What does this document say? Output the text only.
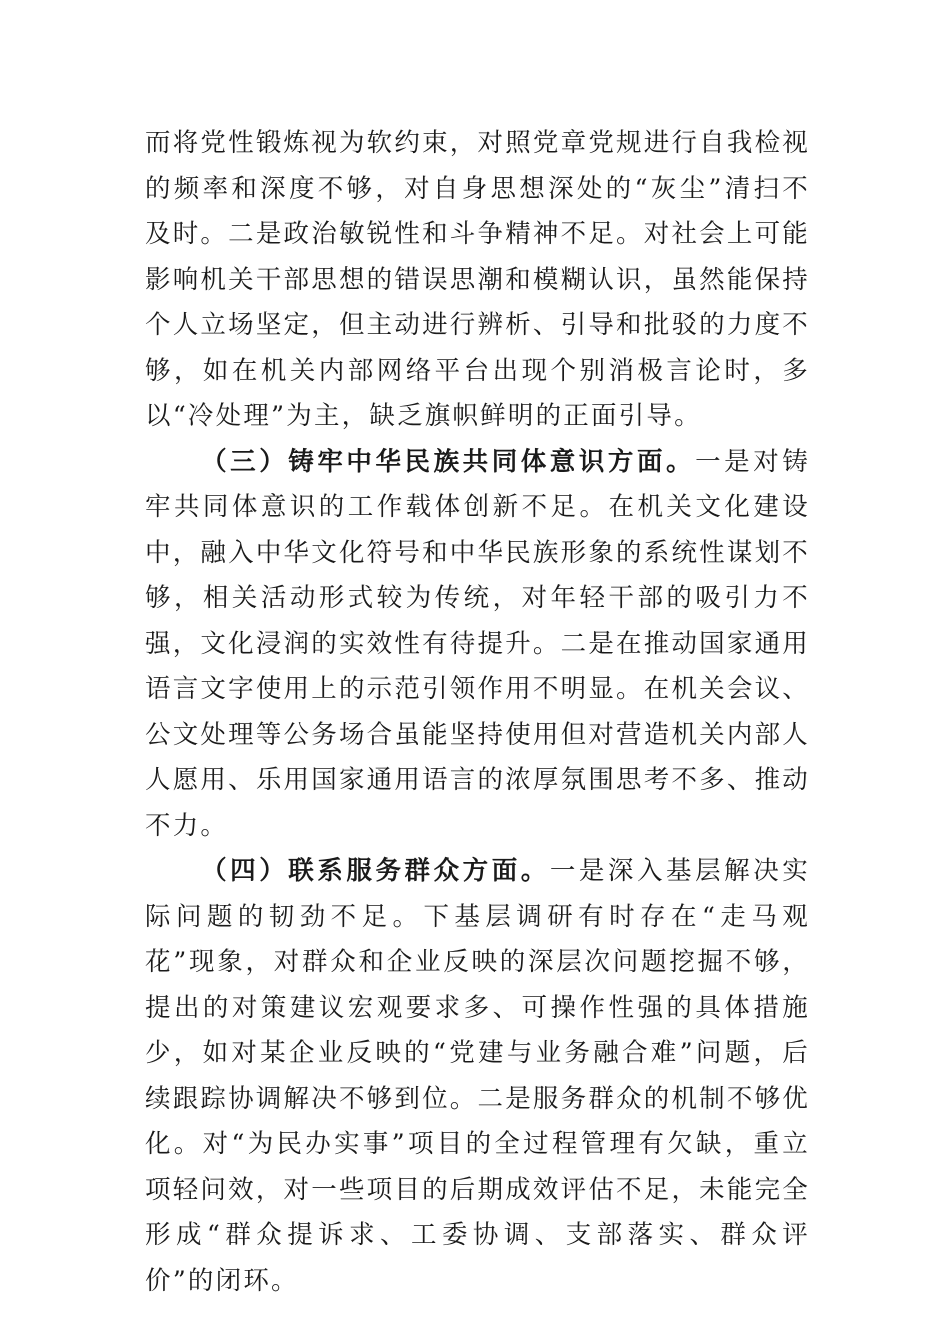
而将党性锻炼视为软约束，对照党章党规进行自我检视的频率和深度不够，对自身思想深处的“灰尘”清扫不及时。二是政治敏锐性和斗争精神不足。对社会上可能影响机关干部思想的错误思潮和模糊认识，虽然能保持个人立场坚定，但主动进行辨析、引导和批驳的力度不够，如在机关内部网络平台出现个别消极言论时，多以“冷处理”为主，缺乏旗帜鲜明的正面引导。

（三）铸牢中华民族共同体意识方面。一是对铸牢共同体意识的工作载体创新不足。在机关文化建设中，融入中华文化符号和中华民族形象的系统性谋划不够，相关活动形式较为传统，对年轻干部的吸引力不强，文化浸润的实效性有待提升。二是在推动国家通用语言文字使用上的示范引领作用不明显。在机关会议、公文处理等公务场合虽能坚持使用但对营造机关内部人人愿用、乐用国家通用语言的浓厚氛围思考不多、推动不力。

（四）联系服务群众方面。一是深入基层解决实际问题的韧劲不足。下基层调研有时存在“走马观花”现象，对群众和企业反映的深层次问题挖掘不够，提出的对策建议宏观要求多、可操作性强的具体措施少，如对某企业反映的“党建与业务融合难”问题，后续跟踪协调解决不够到位。二是服务群众的机制不够优化。对“为民办实事”项目的全过程管理有欠缺，重立项轻问效，对一些项目的后期成效评估不足，未能完全形成“群众提诉求、工委协调、支部落实、群众评价”的闭环。
